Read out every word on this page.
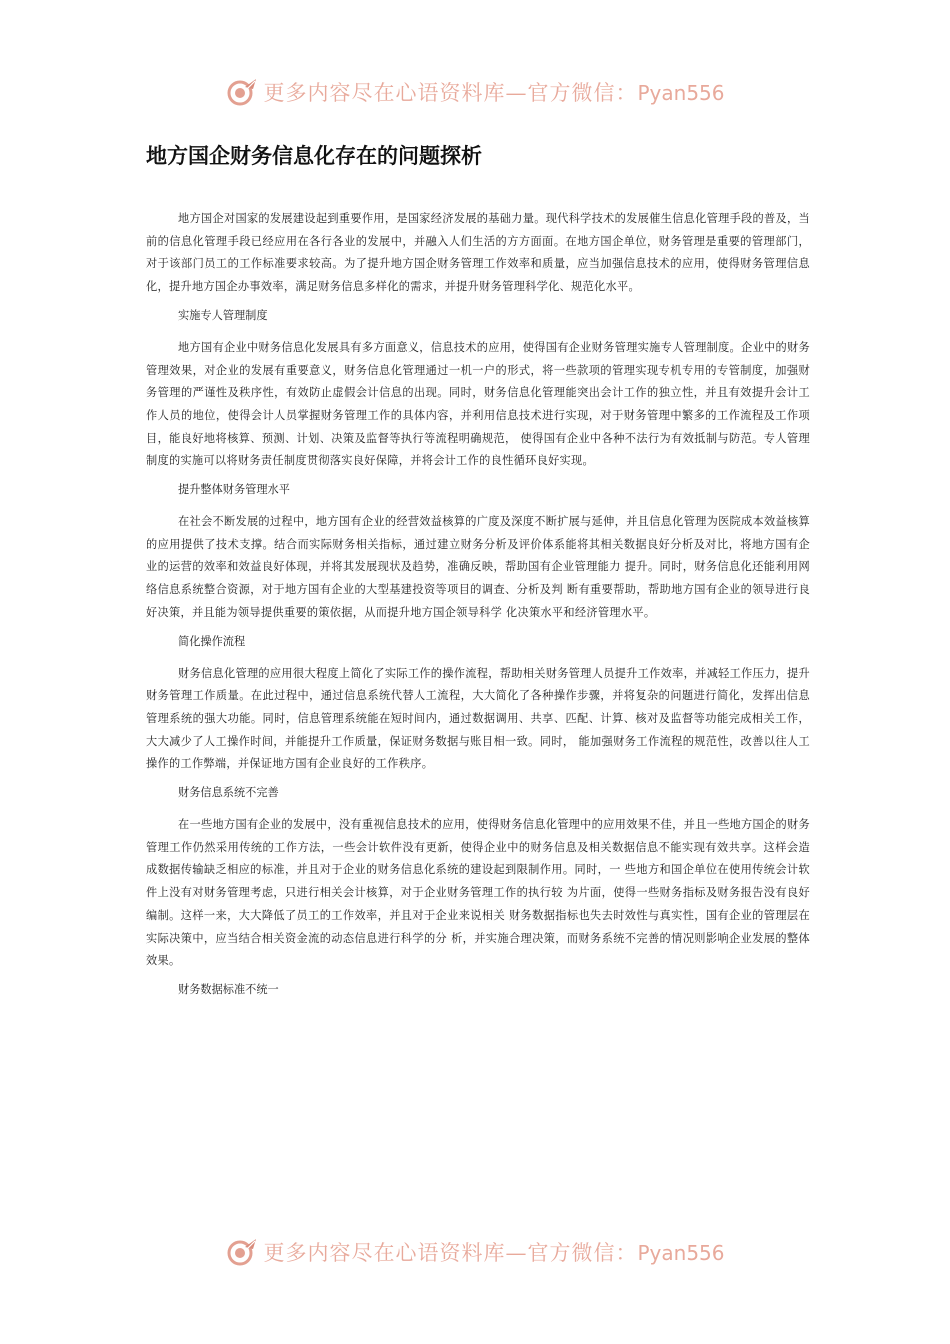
更多内容尽在心语资料库—官方微信：Pyan556
地方国企财务信息化存在的问题探析

地方国企对国家的发展建设起到重要作用，是国家经济发展的基础力量。现代科学技术的发展催生信息化管理手段的普及，当前的信息化管理手段已经应用在各行各业的发展中，并融入人们生活的方方面面。在地方国企单位，财务管理是重要的管理部门，对于该部门员工的工作标准要求较高。为了提升地方国企财务管理工作效率和质量，应当加强信息技术的应用，使得财务管理信息化，提升地方国企办事效率，满足财务信息多样化的需求，并提升财务管理科学化、规范化水平。

实施专人管理制度

地方国有企业中财务信息化发展具有多方面意义，信息技术的应用，使得国有企业财务管理实施专人管理制度。企业中的财务管理效果，对企业的发展有重要意义，财务信息化管理通过一机一户的形式，将一些款项的管理实现专机专用的专管制度，加强财务管理的严谨性及秩序性，有效防止虚假会计信息的出现。同时，财务信息化管理能突出会计工作的独立性，并且有效提升会计工作人员的地位，使得会计人员掌握财务管理工作的具体内容，并利用信息技术进行实现，对于财务管理中繁多的工作流程及工作项目，能良好地将核算、预测、计划、决策及监督等执行等流程明确规范， 使得国有企业中各种不法行为有效抵制与防范。专人管理制度的实施可以将财务责任制度贯彻落实良好保障，并将会计工作的良性循环良好实现。

提升整体财务管理水平

在社会不断发展的过程中，地方国有企业的经营效益核算的广度及深度不断扩展与延伸，并且信息化管理为医院成本效益核算的应用提供了技术支撑。结合而实际财务相关指标，通过建立财务分析及评价体系能将其相关数据良好分析及对比，将地方国有企业的运营的效率和效益良好体现，并将其发展现状及趋势，准确反映，帮助国有企业管理能力 提升。同时，财务信息化还能利用网络信息系统整合资源，对于地方国有企业的大型基建投资等项目的调查、分析及判 断有重要帮助，帮助地方国有企业的领导进行良好决策，并且能为领导提供重要的策依据，从而提升地方国企领导科学 化决策水平和经济管理水平。

简化操作流程

财务信息化管理的应用很大程度上简化了实际工作的操作流程，帮助相关财务管理人员提升工作效率，并减轻工作压力，提升财务管理工作质量。在此过程中，通过信息系统代替人工流程，大大简化了各种操作步骤，并将复杂的问题进行简化，发挥出信息管理系统的强大功能。同时，信息管理系统能在短时间内，通过数据调用、共享、匹配、计算、核对及监督等功能完成相关工作，大大减少了人工操作时间，并能提升工作质量，保证财务数据与账目相一致。同时， 能加强财务工作流程的规范性，改善以往人工操作的工作弊端，并保证地方国有企业良好的工作秩序。

财务信息系统不完善

在一些地方国有企业的发展中，没有重视信息技术的应用，使得财务信息化管理中的应用效果不佳，并且一些地方国企的财务管理工作仍然采用传统的工作方法，一些会计软件没有更新，使得企业中的财务信息及相关数据信息不能实现有效共享。这样会造成数据传输缺乏相应的标准，并且对于企业的财务信息化系统的建设起到限制作用。同时，一 些地方和国企单位在使用传统会计软件上没有对财务管理考虑，只进行相关会计核算，对于企业财务管理工作的执行较 为片面，使得一些财务指标及财务报告没有良好编制。这样一来，大大降低了员工的工作效率，并且对于企业来说相关 财务数据指标也失去时效性与真实性，国有企业的管理层在实际决策中，应当结合相关资金流的动态信息进行科学的分 析，并实施合理决策，而财务系统不完善的情况则影响企业发展的整体效果。

财务数据标准不统一

更多内容尽在心语资料库—官方微信：Pyan556
